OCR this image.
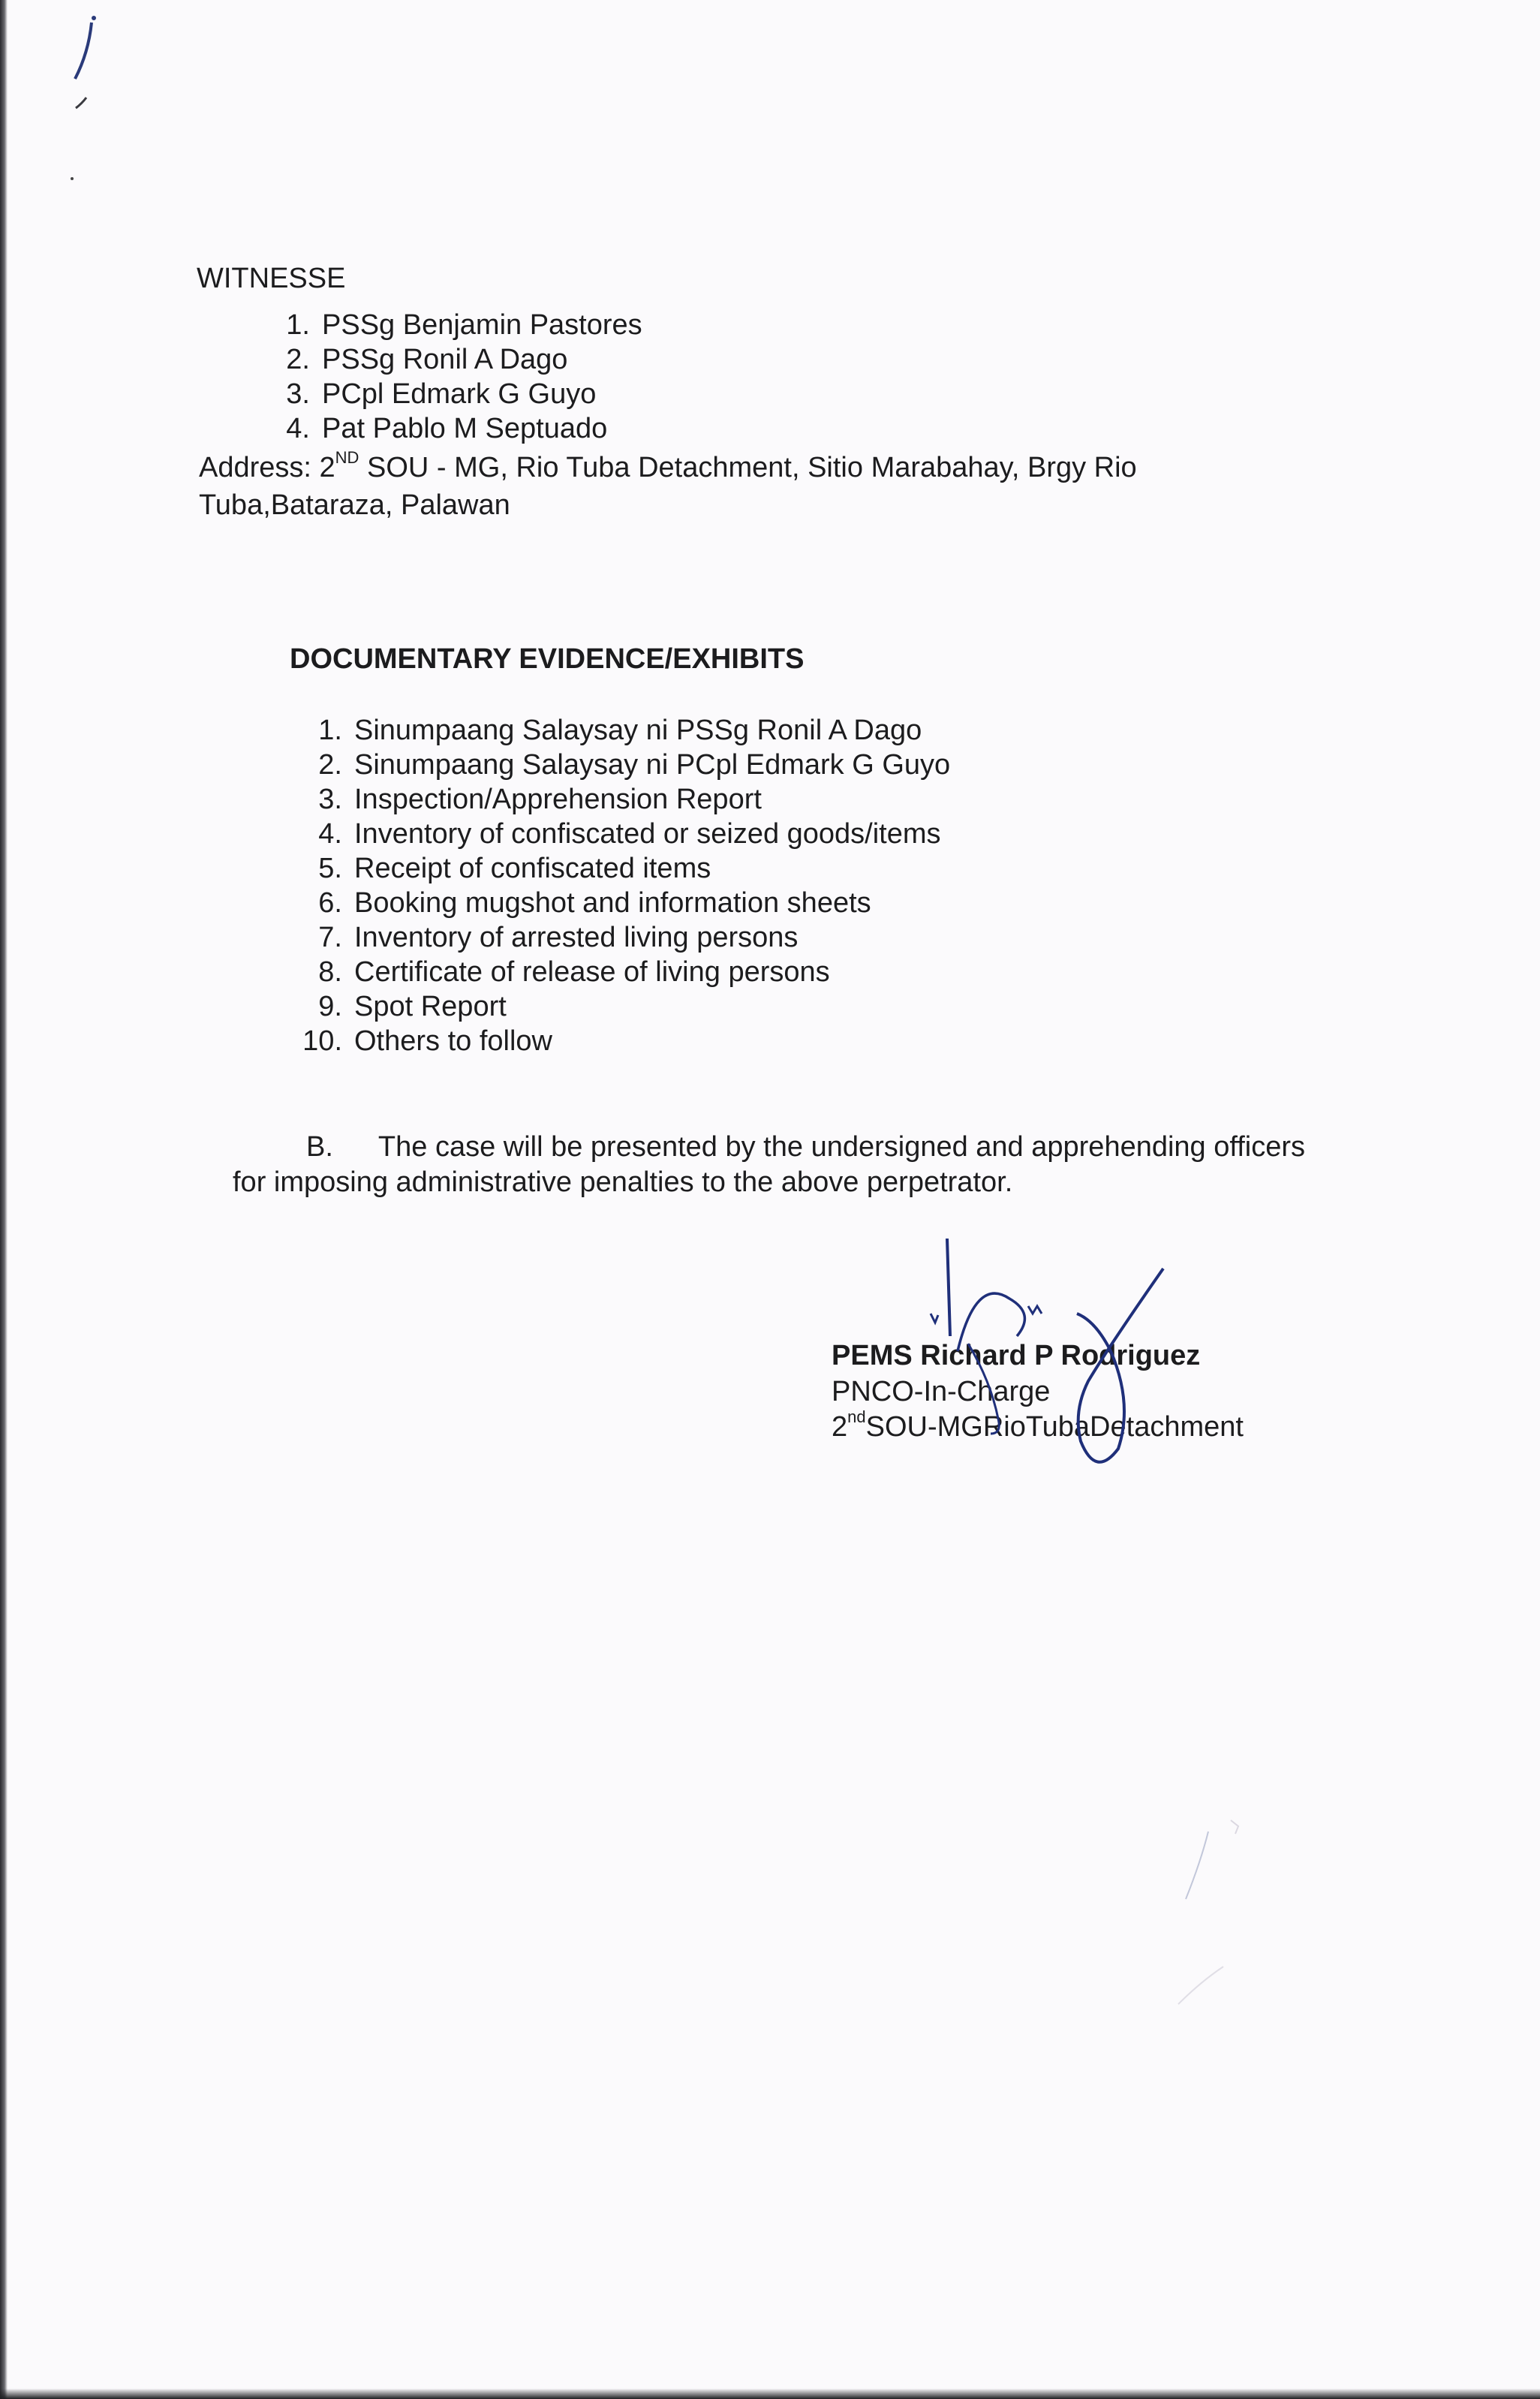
WITNESSE
1. PSSg Benjamin Pastores
2. PSSg Ronil A Dago
3. PCpl Edmark G Guyo
4. Pat Pablo M Septuado
Address: 2ND SOU - MG, Rio Tuba Detachment, Sitio Marabahay, Brgy Rio
Tuba,Bataraza, Palawan
DOCUMENTARY EVIDENCE/EXHIBITS
1. Sinumpaang Salaysay ni PSSg Ronil A Dago
2. Sinumpaang Salaysay ni PCpl Edmark G Guyo
3. Inspection/Apprehension Report
4. Inventory of confiscated or seized goods/items
5. Receipt of confiscated items
6. Booking mugshot and information sheets
7. Inventory of arrested living persons
8. Certificate of release of living persons
9. Spot Report
10. Others to follow
B. The case will be presented by the undersigned and apprehending officers
for imposing administrative penalties to the above perpetrator.
PEMS Richard P Rodriguez
PNCO-In-Charge
2ndSOU-MGRioTubaDetachment
